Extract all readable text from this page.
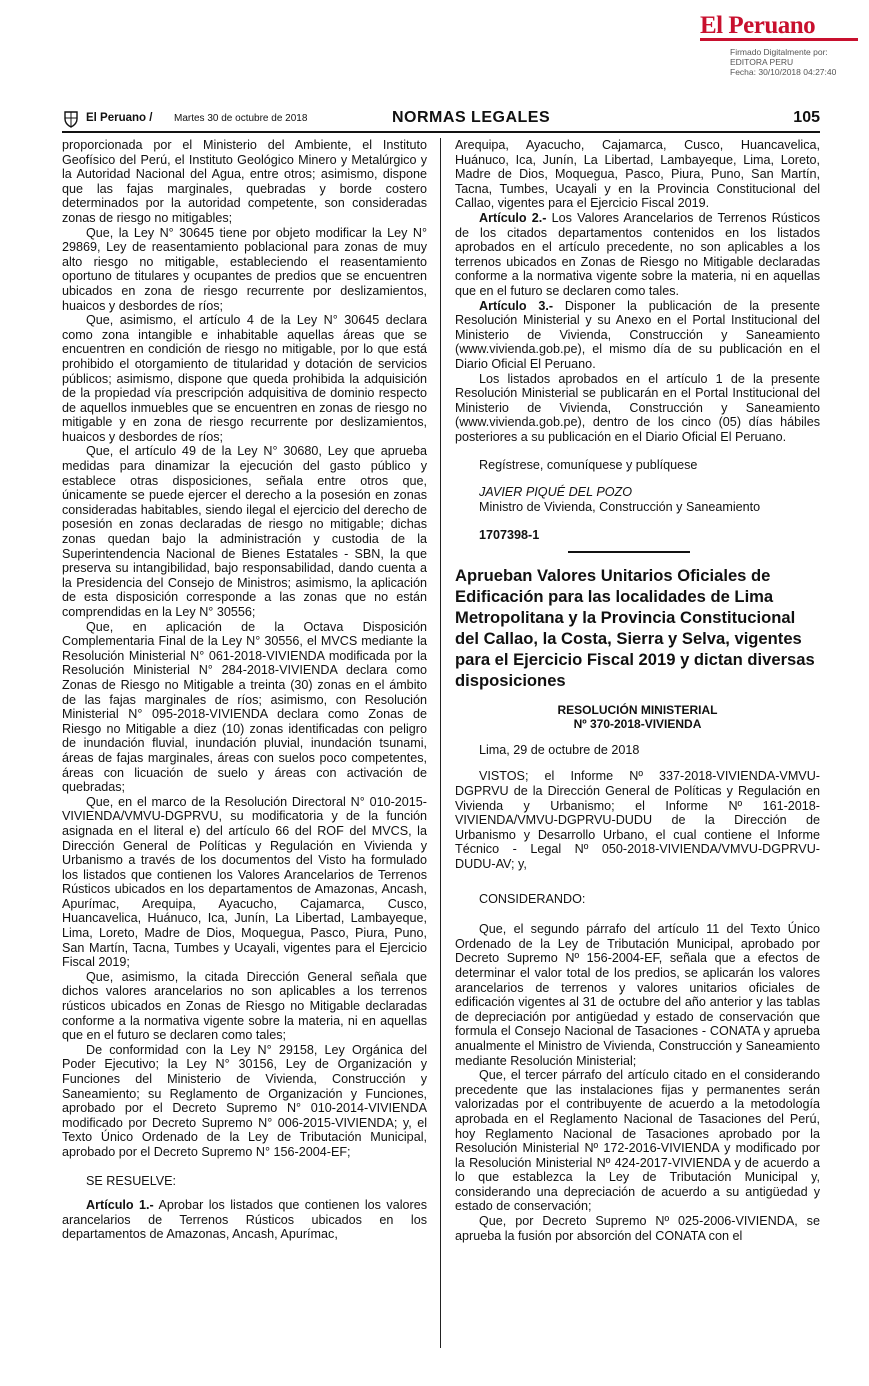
El Peruano
Firmado Digitalmente por:
EDITORA PERU
Fecha: 30/10/2018 04:27:40
El Peruano / Martes 30 de octubre de 2018	NORMAS LEGALES	105

proporcionada por el Ministerio del Ambiente, el Instituto Geofísico del Perú, el Instituto Geológico Minero y Metalúrgico y la Autoridad Nacional del Agua, entre otros; asimismo, dispone que las fajas marginales, quebradas y borde costero determinados por la autoridad competente, son consideradas zonas de riesgo no mitigables;

Que, la Ley N° 30645 tiene por objeto modificar la Ley N° 29869, Ley de reasentamiento poblacional para zonas de muy alto riesgo no mitigable, estableciendo el reasentamiento oportuno de titulares y ocupantes de predios que se encuentren ubicados en zona de riesgo recurrente por deslizamientos, huaicos y desbordes de ríos;

Que, asimismo, el artículo 4 de la Ley N° 30645 declara como zona intangible e inhabitable aquellas áreas que se encuentren en condición de riesgo no mitigable, por lo que está prohibido el otorgamiento de titularidad y dotación de servicios públicos; asimismo, dispone que queda prohibida la adquisición de la propiedad vía prescripción adquisitiva de dominio respecto de aquellos inmuebles que se encuentren en zonas de riesgo no mitigable y en zona de riesgo recurrente por deslizamientos, huaicos y desbordes de ríos;

Que, el artículo 49 de la Ley N° 30680, Ley que aprueba medidas para dinamizar la ejecución del gasto público y establece otras disposiciones, señala entre otros que, únicamente se puede ejercer el derecho a la posesión en zonas consideradas habitables, siendo ilegal el ejercicio del derecho de posesión en zonas declaradas de riesgo no mitigable; dichas zonas quedan bajo la administración y custodia de la Superintendencia Nacional de Bienes Estatales - SBN, la que preserva su intangibilidad, bajo responsabilidad, dando cuenta a la Presidencia del Consejo de Ministros; asimismo, la aplicación de esta disposición corresponde a las zonas que no están comprendidas en la Ley N° 30556;

Que, en aplicación de la Octava Disposición Complementaria Final de la Ley N° 30556, el MVCS mediante la Resolución Ministerial N° 061-2018-VIVIENDA modificada por la Resolución Ministerial N° 284-2018-VIVIENDA declara como Zonas de Riesgo no Mitigable a treinta (30) zonas en el ámbito de las fajas marginales de ríos; asimismo, con Resolución Ministerial N° 095-2018-VIVIENDA declara como Zonas de Riesgo no Mitigable a diez (10) zonas identificadas con peligro de inundación fluvial, inundación pluvial, inundación tsunami, áreas de fajas marginales, áreas con suelos poco competentes, áreas con licuación de suelo y áreas con activación de quebradas;

Que, en el marco de la Resolución Directoral N° 010-2015-VIVIENDA/VMVU-DGPRVU, su modificatoria y de la función asignada en el literal e) del artículo 66 del ROF del MVCS, la Dirección General de Políticas y Regulación en Vivienda y Urbanismo a través de los documentos del Visto ha formulado los listados que contienen los Valores Arancelarios de Terrenos Rústicos ubicados en los departamentos de Amazonas, Ancash, Apurímac, Arequipa, Ayacucho, Cajamarca, Cusco, Huancavelica, Huánuco, Ica, Junín, La Libertad, Lambayeque, Lima, Loreto, Madre de Dios, Moquegua, Pasco, Piura, Puno, San Martín, Tacna, Tumbes y Ucayali, vigentes para el Ejercicio Fiscal 2019;

Que, asimismo, la citada Dirección General señala que dichos valores arancelarios no son aplicables a los terrenos rústicos ubicados en Zonas de Riesgo no Mitigable declaradas conforme a la normativa vigente sobre la materia, ni en aquellas que en el futuro se declaren como tales;

De conformidad con la Ley N° 29158, Ley Orgánica del Poder Ejecutivo; la Ley N° 30156, Ley de Organización y Funciones del Ministerio de Vivienda, Construcción y Saneamiento; su Reglamento de Organización y Funciones, aprobado por el Decreto Supremo N° 010-2014-VIVIENDA modificado por Decreto Supremo N° 006-2015-VIVIENDA; y, el Texto Único Ordenado de la Ley de Tributación Municipal, aprobado por el Decreto Supremo N° 156-2004-EF;

SE RESUELVE:

Artículo 1.- Aprobar los listados que contienen los valores arancelarios de Terrenos Rústicos ubicados en los departamentos de Amazonas, Ancash, Apurímac,

Arequipa, Ayacucho, Cajamarca, Cusco, Huancavelica, Huánuco, Ica, Junín, La Libertad, Lambayeque, Lima, Loreto, Madre de Dios, Moquegua, Pasco, Piura, Puno, San Martín, Tacna, Tumbes, Ucayali y en la Provincia Constitucional del Callao, vigentes para el Ejercicio Fiscal 2019.

Artículo 2.- Los Valores Arancelarios de Terrenos Rústicos de los citados departamentos contenidos en los listados aprobados en el artículo precedente, no son aplicables a los terrenos ubicados en Zonas de Riesgo no Mitigable declaradas conforme a la normativa vigente sobre la materia, ni en aquellas que en el futuro se declaren como tales.

Artículo 3.- Disponer la publicación de la presente Resolución Ministerial y su Anexo en el Portal Institucional del Ministerio de Vivienda, Construcción y Saneamiento (www.vivienda.gob.pe), el mismo día de su publicación en el Diario Oficial El Peruano.

Los listados aprobados en el artículo 1 de la presente Resolución Ministerial se publicarán en el Portal Institucional del Ministerio de Vivienda, Construcción y Saneamiento (www.vivienda.gob.pe), dentro de los cinco (05) días hábiles posteriores a su publicación en el Diario Oficial El Peruano.

Regístrese, comuníquese y publíquese

JAVIER PIQUÉ DEL POZO

Ministro de Vivienda, Construcción y Saneamiento

1707398-1

Aprueban Valores Unitarios Oficiales de Edificación para las localidades de Lima Metropolitana y la Provincia Constitucional del Callao, la Costa, Sierra y Selva, vigentes para el Ejercicio Fiscal 2019 y dictan diversas disposiciones

RESOLUCIÓN MINISTERIAL
Nº 370-2018-VIVIENDA

Lima, 29 de octubre de 2018

VISTOS; el Informe Nº 337-2018-VIVIENDA-VMVU-DGPRVU de la Dirección General de Políticas y Regulación en Vivienda y Urbanismo; el Informe Nº 161-2018-VIVIENDA/VMVU-DGPRVU-DUDU de la Dirección de Urbanismo y Desarrollo Urbano, el cual contiene el Informe Técnico - Legal Nº 050-2018-VIVIENDA/VMVU-DGPRVU-DUDU-AV; y,

CONSIDERANDO:

Que, el segundo párrafo del artículo 11 del Texto Único Ordenado de la Ley de Tributación Municipal, aprobado por Decreto Supremo Nº 156-2004-EF, señala que a efectos de determinar el valor total de los predios, se aplicarán los valores arancelarios de terrenos y valores unitarios oficiales de edificación vigentes al 31 de octubre del año anterior y las tablas de depreciación por antigüedad y estado de conservación que formula el Consejo Nacional de Tasaciones - CONATA y aprueba anualmente el Ministro de Vivienda, Construcción y Saneamiento mediante Resolución Ministerial;

Que, el tercer párrafo del artículo citado en el considerando precedente que las instalaciones fijas y permanentes serán valorizadas por el contribuyente de acuerdo a la metodología aprobada en el Reglamento Nacional de Tasaciones del Perú, hoy Reglamento Nacional de Tasaciones aprobado por la Resolución Ministerial Nº 172-2016-VIVIENDA y modificado por la Resolución Ministerial Nº 424-2017-VIVIENDA y de acuerdo a lo que establezca la Ley de Tributación Municipal y, considerando una depreciación de acuerdo a su antigüedad y estado de conservación;

Que, por Decreto Supremo Nº 025-2006-VIVIENDA, se aprueba la fusión por absorción del CONATA con el
